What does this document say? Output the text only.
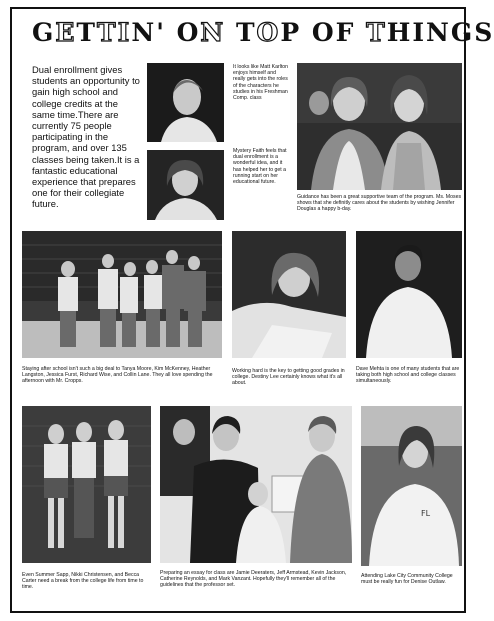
GETTIN' ON TOP OF THINGS
Dual enrollment gives students an opportunity to gain high school and college credits at the same time.There are currently 75 people participating in the program, and over 135 classes being taken.It is a fantastic educational experience that prepares one for their collegiate future.
It looks like Matt Karlton enjoys himself and really gets into the roles of the characters he studies in his Freshman Comp. class
Mystery Faith feels that dual enrollment is a wonderful idea, and it has helped her to get a running start on her educational future.
Guidance has been a great supportive team of the program. Ms. Moses shows that she definitly cares about the students by wishing Jennifer Douglas a happy b-day.
Working hard is the key to getting good grades in college. Destiny Lee certainly knows what it's all about.
Staying after school isn't such a big deal to Tanya Moore, Kim McKenney, Heather Langston, Jessica Furst, Richard Wise, and Collin Lane. They all love spending the afternoon with Mr. Cropps.
Dave Mehta is one of many students that are taking both high school and college classes simultaneously.
Preparing an essay for class are Jamie Deeraters, Jeff Armstead, Kevin Jackson, Catherine Reynolds, and Mark Vanzant. Hopefully they'll remember all of the guidelines that the professor set.
FL
Even Summer Sapp, Nikki Christensen, and Becca Carter need a break from the college life from time to time.
Attending Lake City Community College must be really fun for Denise Outlaw.
